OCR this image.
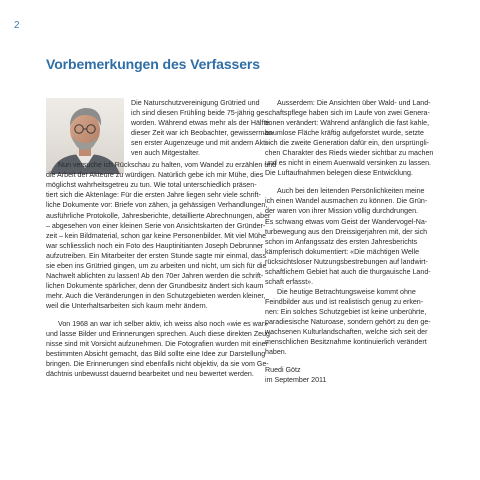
2
Vorbemerkungen des Verfassers
Die Naturschutzvereinigung Grütried und
ich sind diesen Frühling beide 75-jährig ge-
worden. Während etwas mehr als der Hälfte
dieser Zeit war ich Beobachter, gewissermas-
sen erster Augenzeuge und mit andern Akti-
ven auch Mitgestalter.
Nun versuche ich Rückschau zu halten, vom Wandel zu erzählen und
die Arbeit der Akteure zu würdigen. Natürlich gebe ich mir Mühe, dies
möglichst wahrheitsgetreu zu tun. Wie total unterschiedlich präsen-
tiert sich die Aktenlage: Für die ersten Jahre liegen sehr viele schrift-
liche Dokumente vor: Briefe von zähen, ja gehässigen Verhandlungen,
ausführliche Protokolle, Jahresberichte, detaillierte Abrechnungen, aber
– abgesehen von einer kleinen Serie von Ansichtskarten der Gründer-
zeit – kein Bildmaterial, schon gar keine Personenbilder. Mit viel Mühe
war schliesslich noch ein Foto des Hauptinitianten Joseph Debrunner
aufzutreiben. Ein Mitarbeiter der ersten Stunde sagte mir einmal, dass
sie eben ins Grütried gingen, um zu arbeiten und nicht, um sich für die
Nachwelt ablichten zu lassen! Ab den 70er Jahren werden die schrift-
lichen Dokumente spärlicher, denn der Grundbesitz ändert sich kaum
mehr. Auch die Veränderungen in den Schutzgebieten werden kleiner,
weil die Unterhaltsarbeiten sich kaum mehr ändern.
Von 1968 an war ich selber aktiv, ich weiss also noch «wie es war»
und lasse Bilder und Erinnerungen sprechen. Auch diese direkten Zeug-
nisse sind mit Vorsicht aufzunehmen. Die Fotografien wurden mit einer
bestimmten Absicht gemacht, das Bild sollte eine Idee zur Darstellung
bringen. Die Erinnerungen sind ebenfalls nicht objektiv, da sie vom Ge-
dächtnis unbewusst dauernd bearbeitet und neu bewertet werden.
Ausserdem: Die Ansichten über Wald- und Land-
schaftspflege haben sich im Laufe von zwei Genera-
tionen verändert: Während anfänglich die fast kahle,
baumlose Fläche kräftig aufgeforstet wurde, setzte
sich die zweite Generation dafür ein, den ursprüngli-
chen Charakter des Rieds wieder sichtbar zu machen
und es nicht in einem Auenwald versinken zu lassen.
Die Luftaufnahmen belegen diese Entwicklung.
Auch bei den leitenden Persönlichkeiten meine
ich einen Wandel ausmachen zu können. Die Grün-
der waren von ihrer Mission völlig durchdrungen.
Es schwang etwas vom Geist der Wandervogel-Na-
turbewegung aus den Dreissigerjahren mit, der sich
schon im Anfangssatz des ersten Jahresberichts
kämpferisch dokumentiert: «Die mächtigen Welle
rücksichtsloser Nutzungsbestrebungen auf landwirt-
schaftlichem Gebiet hat auch die thurgauische Land-
schaft erfasst».
Die heutige Betrachtungsweise kommt ohne
Feindbilder aus und ist realistisch genug zu erken-
nen: Ein solches Schutzgebiet ist keine unberührte,
paradiesische Naturoase, sondern gehört zu den ge-
wachsenen Kulturlandschaften, welche sich seit der
menschlichen Besitznahme kontinuierlich verändert
haben.
Ruedi Götz
im September 2011
